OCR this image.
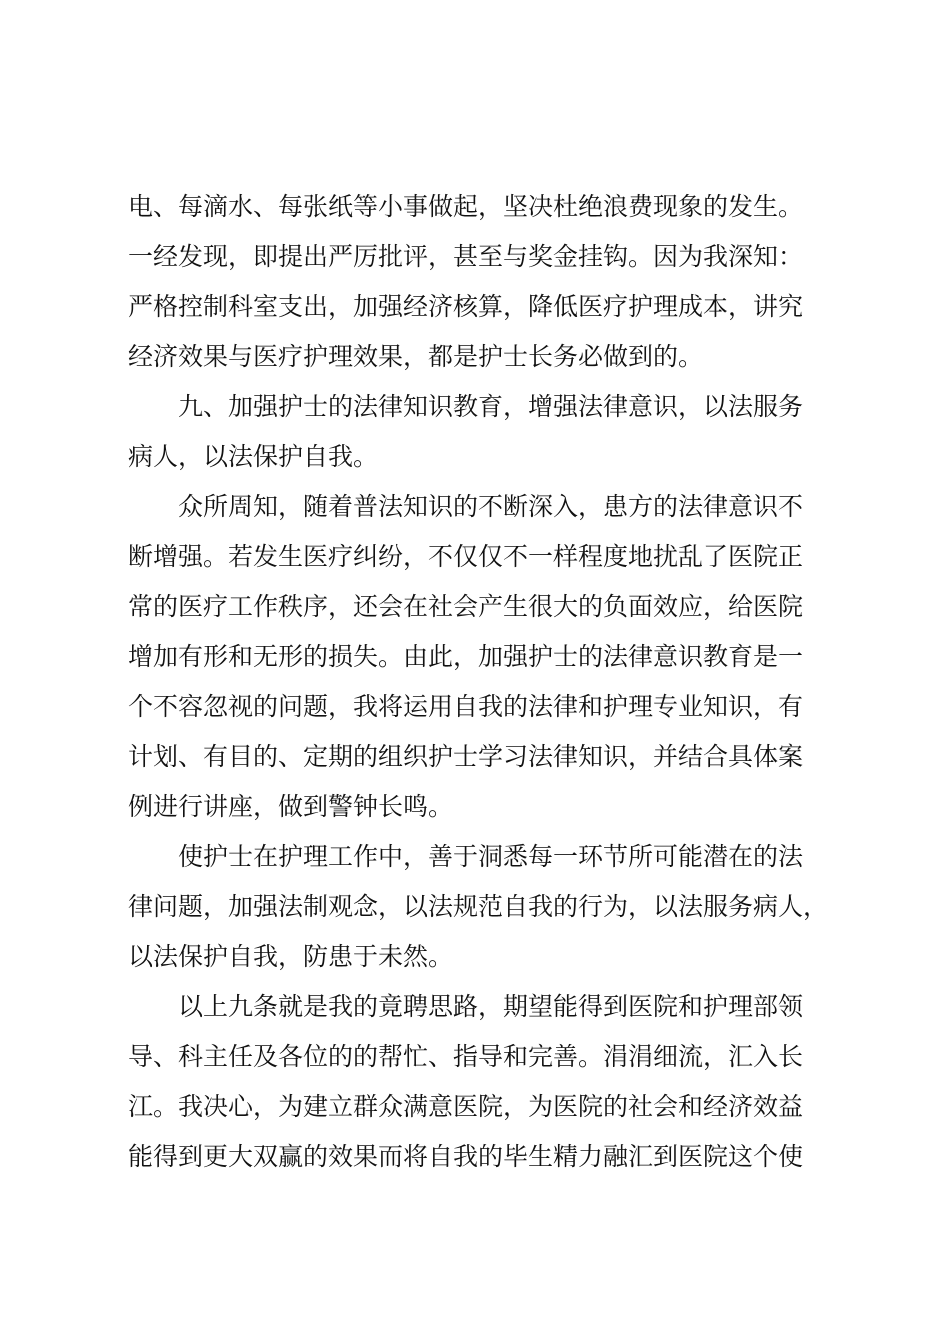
电、每滴水、每张纸等小事做起，坚决杜绝浪费现象的发生。
一经发现，即提出严厉批评，甚至与奖金挂钩。因为我深知：
严格控制科室支出，加强经济核算，降低医疗护理成本，讲究
经济效果与医疗护理效果，都是护士长务必做到的。
九、加强护士的法律知识教育，增强法律意识，以法服务
病人，以法保护自我。
众所周知，随着普法知识的不断深入，患方的法律意识不
断增强。若发生医疗纠纷，不仅仅不一样程度地扰乱了医院正
常的医疗工作秩序，还会在社会产生很大的负面效应，给医院
增加有形和无形的损失。由此，加强护士的法律意识教育是一
个不容忽视的问题，我将运用自我的法律和护理专业知识，有
计划、有目的、定期的组织护士学习法律知识，并结合具体案
例进行讲座，做到警钟长鸣。
使护士在护理工作中，善于洞悉每一环节所可能潜在的法
律问题，加强法制观念，以法规范自我的行为，以法服务病人，
以法保护自我，防患于未然。
以上九条就是我的竟聘思路，期望能得到医院和护理部领
导、科主任及各位的的帮忙、指导和完善。涓涓细流，汇入长
江。我决心，为建立群众满意医院，为医院的社会和经济效益
能得到更大双赢的效果而将自我的毕生精力融汇到医院这个使
